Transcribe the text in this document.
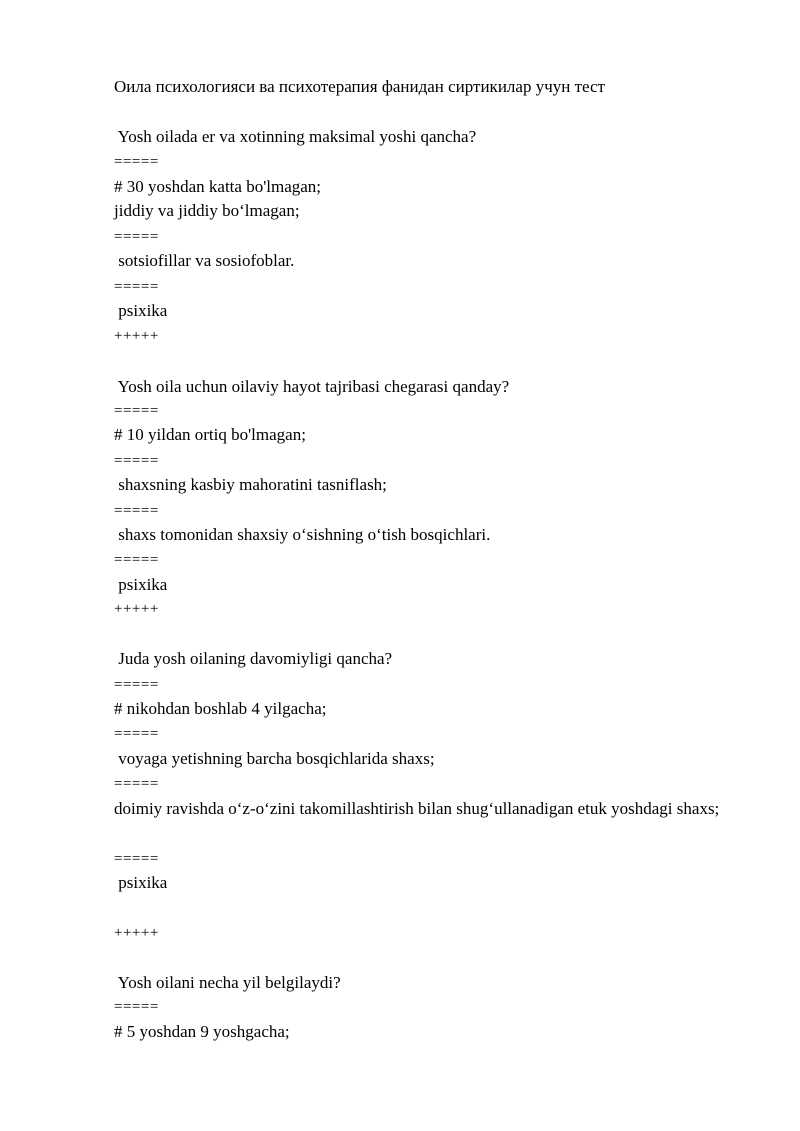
Оила психологияси ва психотерапия фанидан сиртикилар учун тест
Yosh oilada er va xotinning maksimal yoshi qancha?
=====
# 30 yoshdan katta bo'lmagan;
jiddiy va jiddiy bo‘lmagan;
=====
sotsiofillar va sosiofoblar.
=====
psixika
+++++
Yosh oila uchun oilaviy hayot tajribasi chegarasi qanday?
=====
# 10 yildan ortiq bo'lmagan;
=====
shaxsning kasbiy mahoratini tasniflash;
=====
shaxs tomonidan shaxsiy o‘sishning o‘tish bosqichlari.
=====
psixika
+++++
Juda yosh oilaning davomiyligi qancha?
=====
# nikohdan boshlab 4 yilgacha;
=====
voyaga yetishning barcha bosqichlarida shaxs;
=====
doimiy ravishda o‘z-o‘zini takomillashtirish bilan shug‘ullanadigan etuk yoshdagi shaxs;
=====
psixika
+++++
Yosh oilani necha yil belgilaydi?
=====
# 5 yoshdan 9 yoshgacha;
